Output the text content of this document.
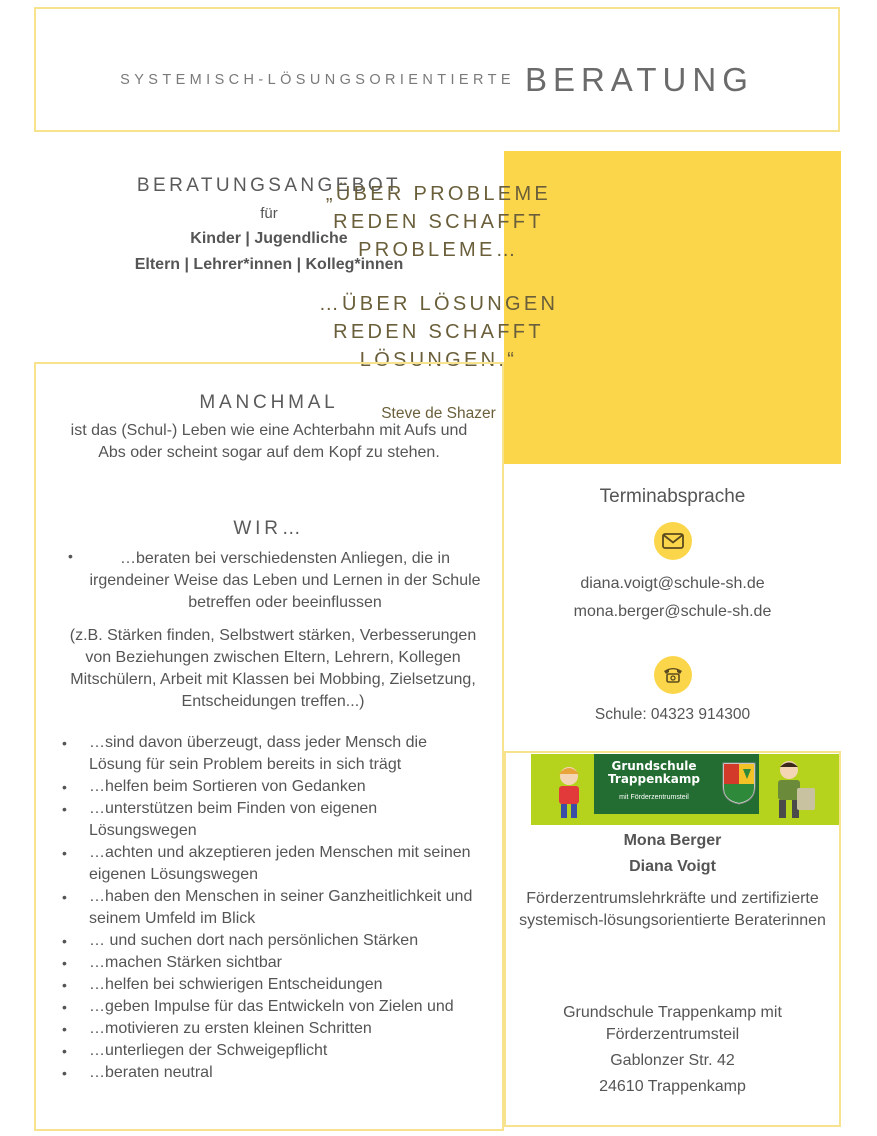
SYSTEMISCH-LÖSUNGSORIENTIERTE BERATUNG
BERATUNGSANGEBOT
für
Kinder | Jugendliche
Eltern | Lehrer*innen | Kolleg*innen
„ÜBER PROBLEME
REDEN SCHAFFT
PROBLEME…
…ÜBER LÖSUNGEN
REDEN SCHAFFT
LÖSUNGEN.“
Steve de Shazer
MANCHMAL

ist das (Schul-) Leben wie eine Achterbahn mit Aufs und Abs oder scheint sogar auf dem Kopf zu stehen.

WIR…
•	…beraten bei verschiedensten Anliegen, die in irgendeiner Weise das Leben und Lernen in der Schule betreffen oder beeinflussen
(z.B. Stärken finden, Selbstwert stärken, Verbesserungen von Beziehungen zwischen Eltern, Lehrern, Kollegen Mitschülern, Arbeit mit Klassen bei Mobbing, Zielsetzung, Entscheidungen treffen...)
• …sind davon überzeugt, dass jeder Mensch die Lösung für sein Problem bereits in sich trägt
• …helfen beim Sortieren von Gedanken
• …unterstützen beim Finden von eigenen Lösungswegen
• …achten und akzeptieren jeden Menschen mit seinen eigenen Lösungswegen
• …haben den Menschen in seiner Ganzheitlichkeit und seinem Umfeld im Blick
• … und suchen dort nach persönlichen Stärken
• …machen Stärken sichtbar
• …helfen bei schwierigen Entscheidungen
• …geben Impulse für das Entwickeln von Zielen und
• …motivieren zu ersten kleinen Schritten
• …unterliegen der Schweigepflicht
• …beraten neutral
Terminabsprache
diana.voigt@schule-sh.de
mona.berger@schule-sh.de
Schule: 04323 914300
Grundschule Trappenkamp
mit Förderzentrumsteil
Mona Berger
Diana Voigt
Förderzentrumslehrkräfte und zertifizierte systemisch-lösungsorientierte Beraterinnen
Grundschule Trappenkamp mit Förderzentrumsteil
Gablonzer Str. 42
24610 Trappenkamp
